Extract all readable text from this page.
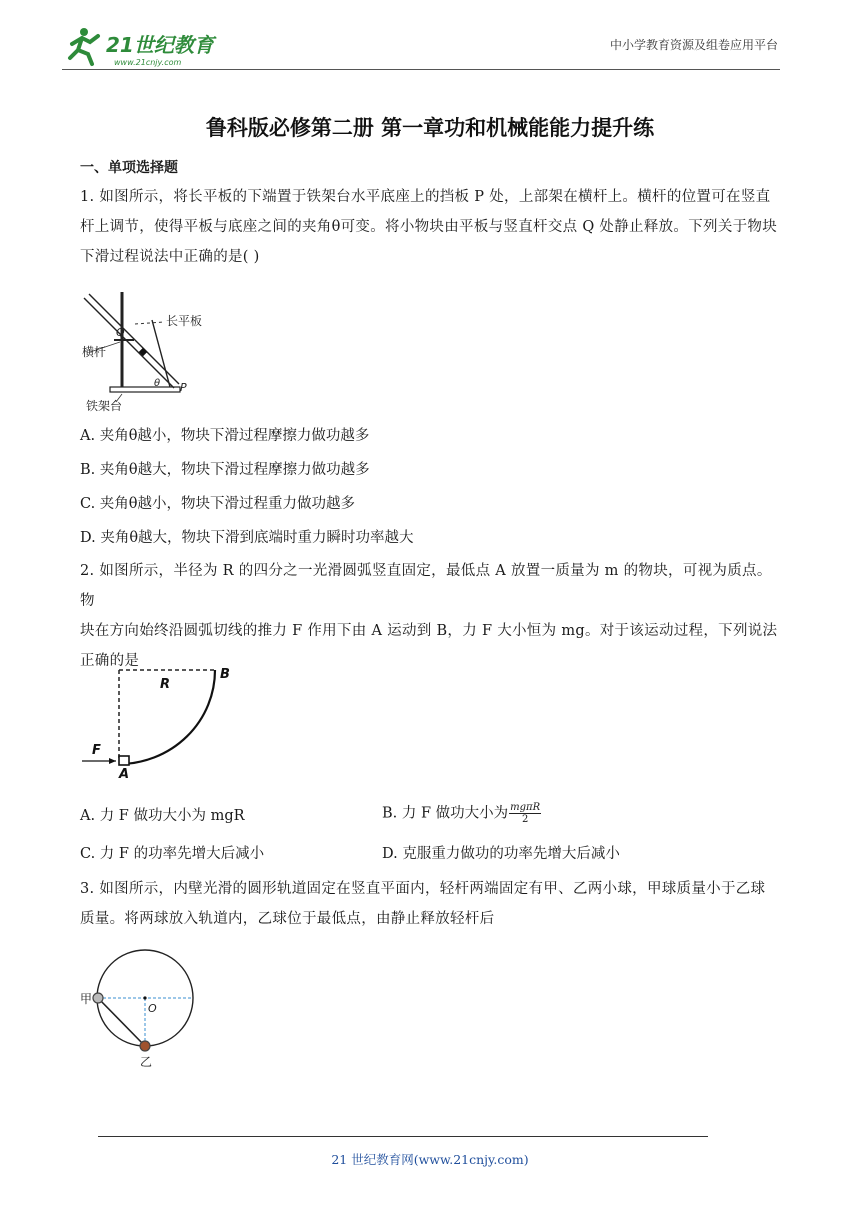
21世纪教育
www.21cnjy.com
中小学教育资源及组卷应用平台
鲁科版必修第二册 第一章功和机械能能力提升练
一、单项选择题
1. 如图所示，将长平板的下端置于铁架台水平底座上的挡板 P 处，上部架在横杆上。横杆的位置可在竖直
杆上调节，使得平板与底座之间的夹角θ可变。将小物块由平板与竖直杆交点 Q 处静止释放。下列关于物块
下滑过程说法中正确的是( )
长平板
横杆
铁架台
Q
P
θ
A. 夹角θ越小，物块下滑过程摩擦力做功越多
B. 夹角θ越大，物块下滑过程摩擦力做功越多
C. 夹角θ越小，物块下滑过程重力做功越多
D. 夹角θ越大，物块下滑到底端时重力瞬时功率越大
2. 如图所示，半径为 R 的四分之一光滑圆弧竖直固定，最低点 A 放置一质量为 m 的物块，可视为质点。物
块在方向始终沿圆弧切线的推力 F 作用下由 A 运动到 B，力 F 大小恒为 mg。对于该运动过程，下列说法
正确的是
R
B
F
A
A. 力 F 做功大小为 mgR	B. 力 F 做功大小为 $\frac{\text{mgπR}}{2}$
C. 力 F 的功率先增大后减小	D. 克服重力做功的功率先增大后减小
3. 如图所示，内壁光滑的圆形轨道固定在竖直平面内，轻杆两端固定有甲、乙两小球，甲球质量小于乙球
质量。将两球放入轨道内，乙球位于最低点，由静止释放轻杆后
甲
O
乙
21 世纪教育网(www.21cnjy.com)
